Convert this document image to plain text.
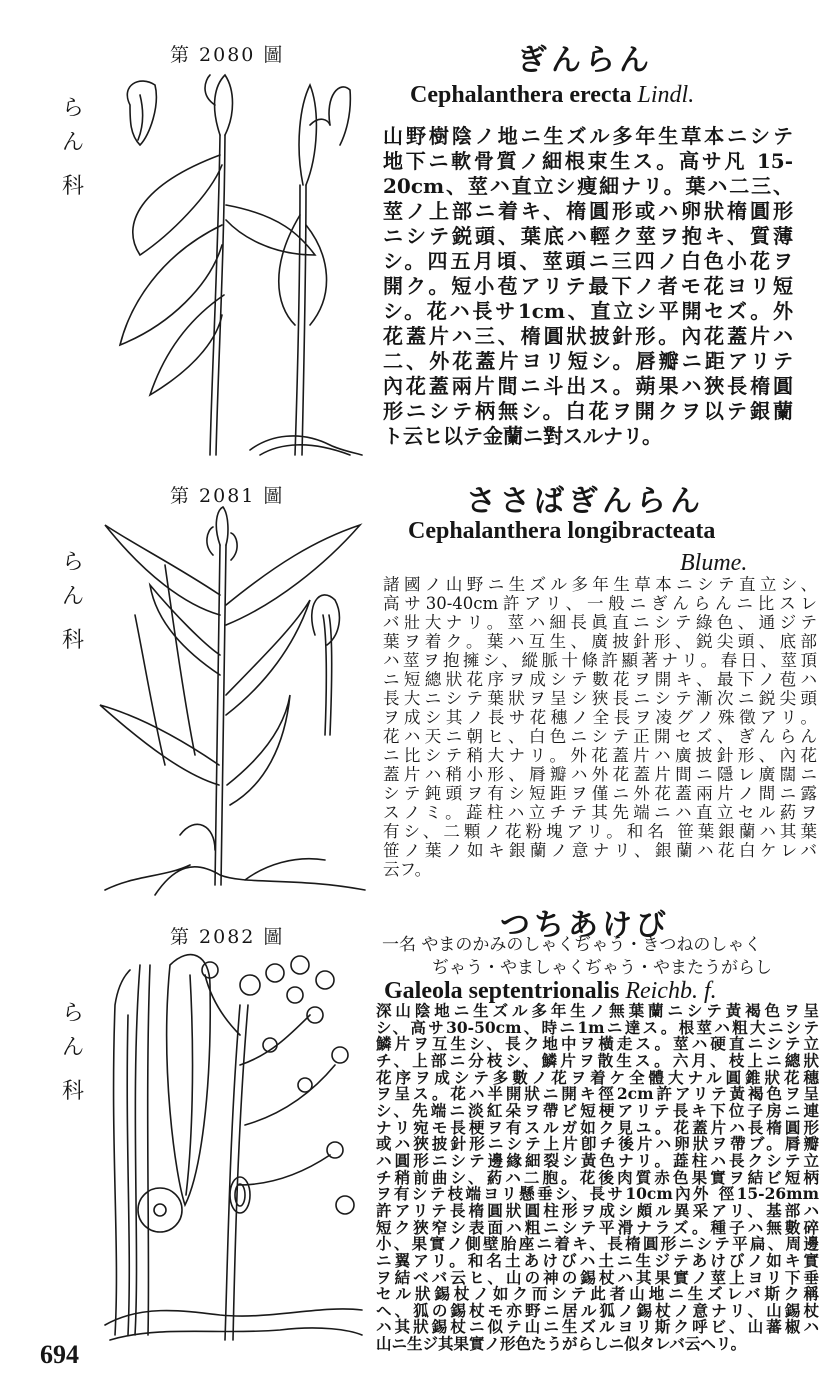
第 2080 圖
ら
ん
科
ぎんらん
Cephalanthera erecta Lindl.
山野樹陰ノ地ニ生ズル多年生草本ニシテ
地下ニ軟骨質ノ細根束生ス。高サ凡 15-
20cm、莖ハ直立シ痩細ナリ。葉ハ二三、
莖ノ上部ニ着キ、楕圓形或ハ卵狀楕圓形
ニシテ鋭頭、葉底ハ輕ク莖ヲ抱キ、質薄
シ。四五月頃、莖頭ニ三四ノ白色小花ヲ
開ク。短小苞アリテ最下ノ者モ花ヨリ短
シ。花ハ長サ1cm、直立シ平開セズ。外
花蓋片ハ三、楕圓狀披針形。內花蓋片ハ
二、外花蓋片ヨリ短シ。唇瓣ニ距アリテ
內花蓋兩片間ニ斗出ス。蒴果ハ狹長楕圓
形ニシテ柄無シ。白花ヲ開クヲ以テ銀蘭
ト云ヒ以テ金蘭ニ對スルナリ。
第 2081 圖
ら
ん
科
ささばぎんらん
Cephalanthera longibracteata
Blume.
諸國ノ山野ニ生ズル多年生草本ニシテ直立シ、
高サ30-40cm許アリ、一般ニぎんらんニ比スレ
バ壯大ナリ。莖ハ細長眞直ニシテ綠色、通ジテ
葉ヲ着ク。葉ハ互生、廣披針形、鋭尖頭、底部
ハ莖ヲ抱擁シ、縱脈十條許顯著ナリ。春日、莖頂
ニ短總狀花序ヲ成シテ數花ヲ開キ、最下ノ苞ハ
長大ニシテ葉狀ヲ呈シ狹長ニシテ漸次ニ鋭尖頭
ヲ成シ其ノ長サ花穗ノ全長ヲ凌グノ殊徵アリ。
花ハ天ニ朝ヒ、白色ニシテ正開セズ、ぎんらん
ニ比シテ稍大ナリ。外花蓋片ハ廣披針形、內花
蓋片ハ稍小形、脣瓣ハ外花蓋片間ニ隱レ廣闊ニ
シテ鈍頭ヲ有シ短距ヲ僅ニ外花蓋兩片ノ間ニ露
スノミ。蕋柱ハ立チテ其先端ニハ直立セル葯ヲ
有シ、二顆ノ花粉塊アリ。和名 笹葉銀蘭ハ其葉
笹ノ葉ノ如キ銀蘭ノ意ナリ、銀蘭ハ花白ケレバ
云フ。
第 2082 圖
ら
ん
科
つちあけび
一名 やまのかみのしゃくぢゃう・きつねのしゃく
ぢゃう・やましゃくぢゃう・やまたうがらし
Galeola septentrionalis Reichb. f.
深山陰地ニ生ズル多年生ノ無葉蘭ニシテ黃褐色ヲ呈
シ、高サ30-50cm、時ニ1mニ達ス。根莖ハ粗大ニシテ
鱗片ヲ互生シ、長ク地中ヲ橫走ス。莖ハ硬直ニシテ立
チ、上部ニ分枝シ、鱗片ヲ散生ス。六月、枝上ニ總狀
花序ヲ成シテ多數ノ花ヲ着ケ全體大ナル圓錐狀花穗
ヲ呈ス。花ハ半開狀ニ開キ徑2cm許アリテ黃褐色ヲ呈
シ、先端ニ淡紅朵ヲ帶ビ短梗アリテ長キ下位子房ニ連
ナリ宛モ長梗ヲ有スルガ如ク見ユ。花蓋片ハ長楕圓形
或ハ狹披針形ニシテ上片卽チ後片ハ卵狀ヲ帶ブ。脣瓣
ハ圓形ニシテ邊緣細裂シ黃色ナリ。蕋柱ハ長クシテ立
チ稍前曲シ、葯ハ二胞。花後肉質赤色果實ヲ結ビ短柄
ヲ有シテ枝端ヨリ懸垂シ、長サ10cm內外 徑15-26mm
許アリテ長楕圓狀圓柱形ヲ成シ頗ル異采アリ、基部ハ
短ク狹窄シ表面ハ粗ニシテ平滑ナラズ。種子ハ無數碎
小、果實ノ側壁胎座ニ着キ、長楕圓形ニシテ平扁、周邊
ニ翼アリ。和名土あけびハ土ニ生ジテあけびノ如キ實
ヲ結ベバ云ヒ、山の神の錫杖ハ其果實ノ莖上ヨリ下垂
セル狀錫杖ノ如ク而シテ此者山地ニ生ズレバ斯ク稱
ヘ、狐の錫杖モ亦野ニ居ル狐ノ錫杖ノ意ナリ、山錫杖
ハ其狀錫杖ニ似テ山ニ生ズルヨリ斯ク呼ビ、山蕃椒ハ
山ニ生ジ其果實ノ形色たうがらしニ似タレバ云ヘリ。
694
